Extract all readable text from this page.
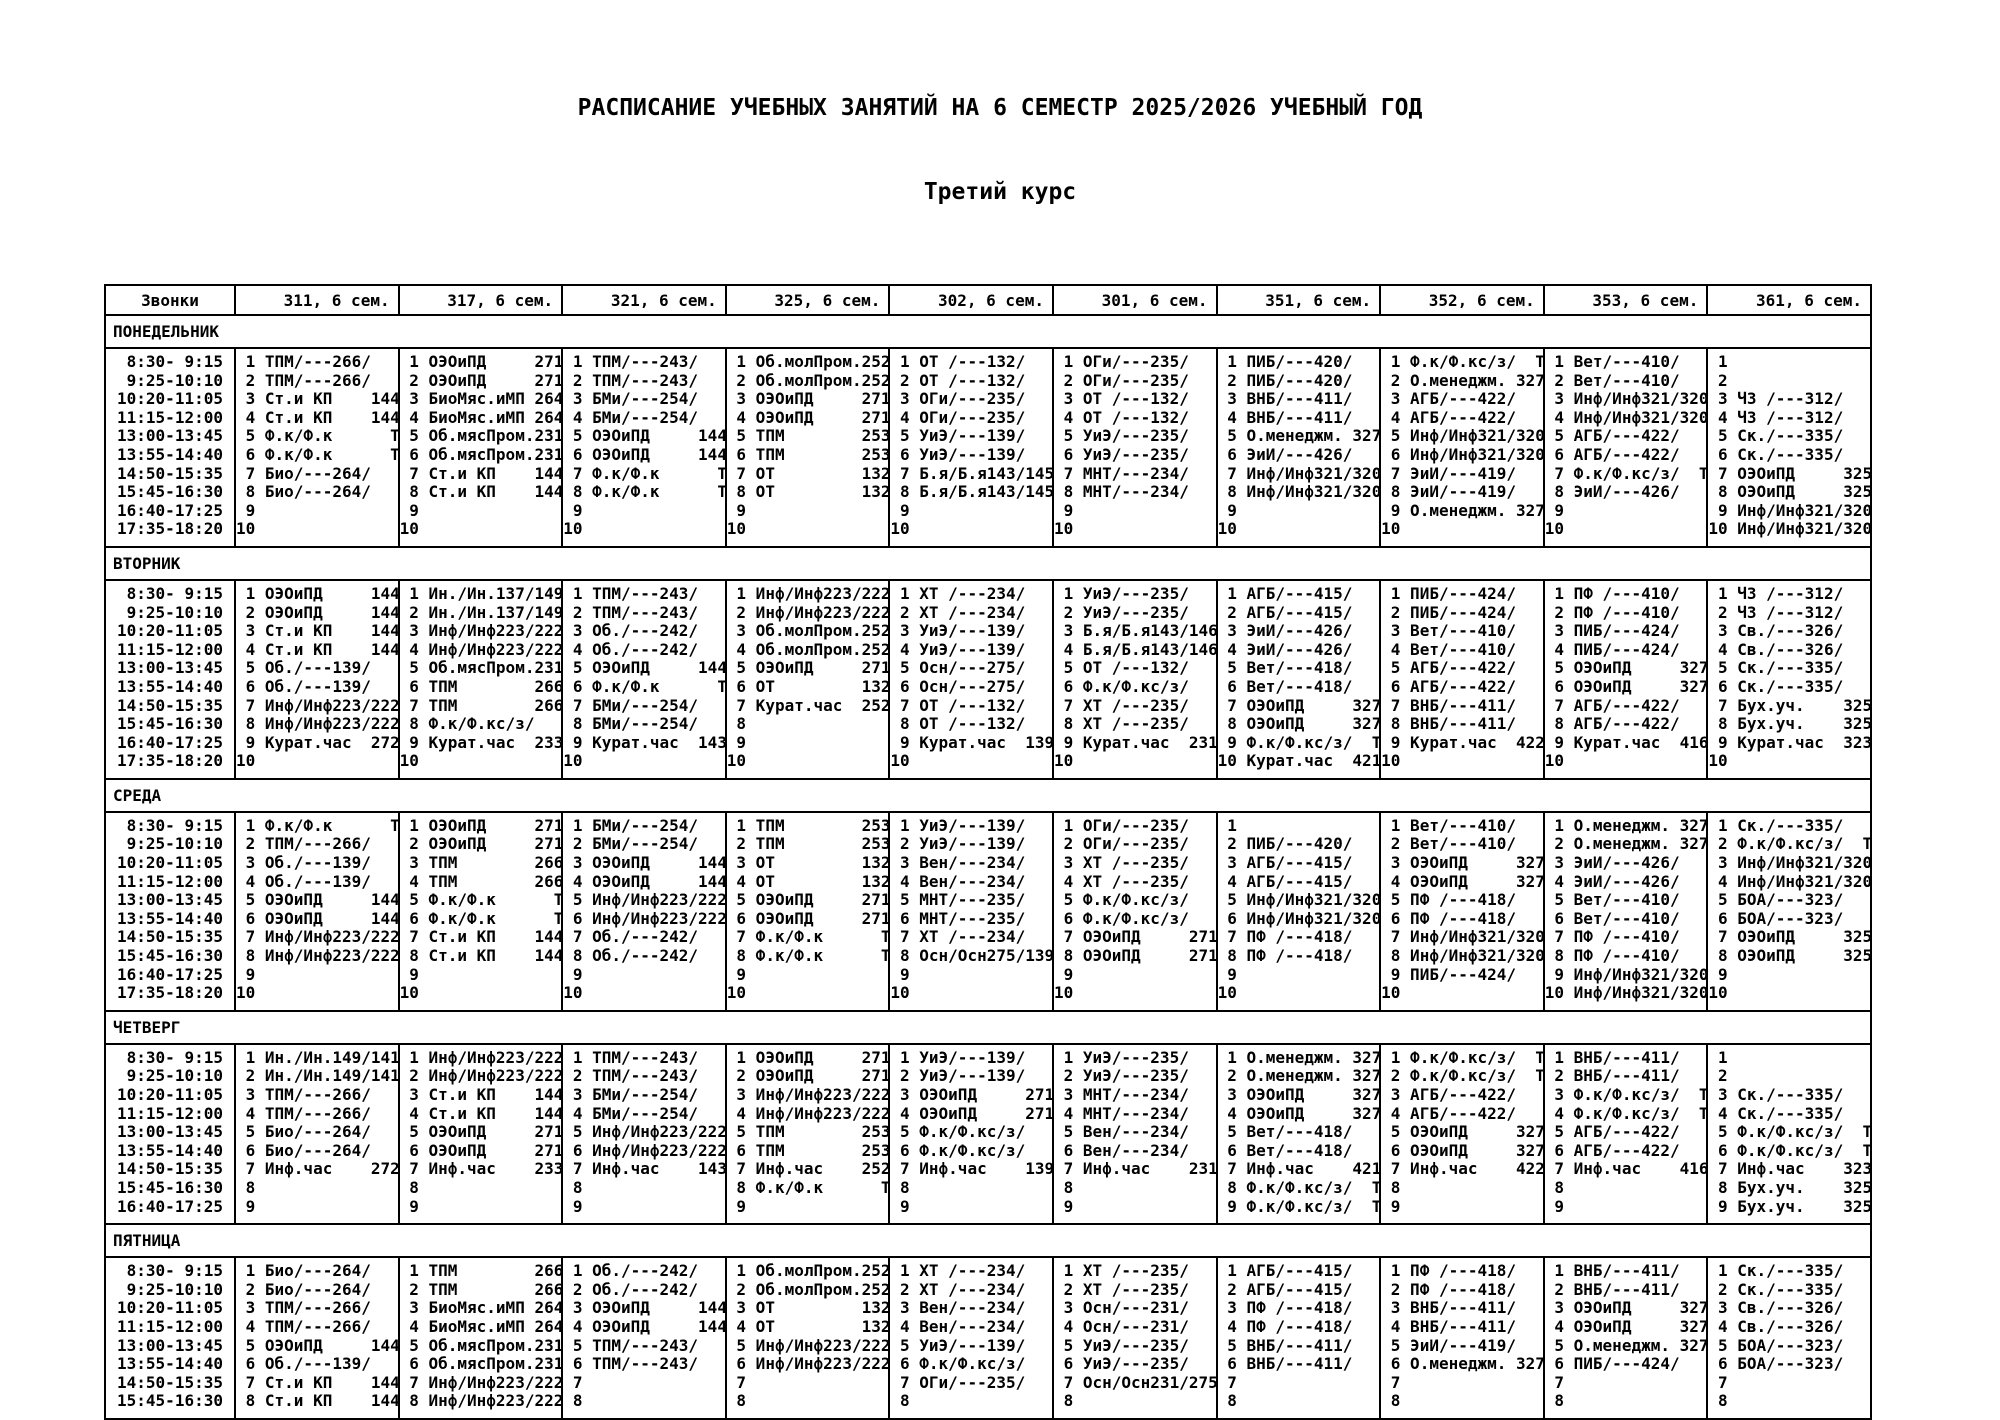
РАСПИСАНИЕ УЧЕБНЫХ ЗАНЯТИЙ НА 6 СЕМЕСТР 2025/2026 УЧЕБНЫЙ ГОД

Третий курс

Звонки	311, 6 сем.	317, 6 сем.	321, 6 сем.	325, 6 сем.	302, 6 сем.	301, 6 сем.	351, 6 сем.	352, 6 сем.	353, 6 сем.	361, 6 сем.
ПОНЕДЕЛЬНИК										
8:30- 9:15	1 ТПМ/---266/	1 ОЭОиПД     271	1 ТПМ/---243/	1 Об.молПром.252	1 ОТ /---132/	1 ОГи/---235/	1 ПИБ/---420/	1 Ф.к/Ф.кс/з/  Т	1 Вет/---410/	1
9:25-10:10	2 ТПМ/---266/	2 ОЭОиПД     271	2 ТПМ/---243/	2 Об.молПром.252	2 ОТ /---132/	2 ОГи/---235/	2 ПИБ/---420/	2 О.менеджм. 327	2 Вет/---410/	2
10:20-11:05	3 Ст.и КП    144	3 БиоМяс.иМП 264	3 БМи/---254/	3 ОЭОиПД     271	3 ОГи/---235/	3 ОТ /---132/	3 ВНБ/---411/	3 АГБ/---422/	3 Инф/Инф321/320	3 ЧЗ /---312/
11:15-12:00	4 Ст.и КП    144	4 БиоМяс.иМП 264	4 БМи/---254/	4 ОЭОиПД     271	4 ОГи/---235/	4 ОТ /---132/	4 ВНБ/---411/	4 АГБ/---422/	4 Инф/Инф321/320	4 ЧЗ /---312/
13:00-13:45	5 Ф.к/Ф.к      Т	5 Об.мясПром.231	5 ОЭОиПД     144	5 ТПМ        253	5 УиЭ/---139/	5 УиЭ/---235/	5 О.менеджм. 327	5 Инф/Инф321/320	5 АГБ/---422/	5 Ск./---335/
13:55-14:40	6 Ф.к/Ф.к      Т	6 Об.мясПром.231	6 ОЭОиПД     144	6 ТПМ        253	6 УиЭ/---139/	6 УиЭ/---235/	6 ЭиИ/---426/	6 Инф/Инф321/320	6 АГБ/---422/	6 Ск./---335/
14:50-15:35	7 Био/---264/	7 Ст.и КП    144	7 Ф.к/Ф.к      Т	7 ОТ         132	7 Б.я/Б.я143/145	7 МНТ/---234/	7 Инф/Инф321/320	7 ЭиИ/---419/	7 Ф.к/Ф.кс/з/  Т	7 ОЭОиПД     325
15:45-16:30	8 Био/---264/	8 Ст.и КП    144	8 Ф.к/Ф.к      Т	8 ОТ         132	8 Б.я/Б.я143/145	8 МНТ/---234/	8 Инф/Инф321/320	8 ЭиИ/---419/	8 ЭиИ/---426/	8 ОЭОиПД     325
16:40-17:25	9	9	9	9	9	9	9	9 О.менеджм. 327	9	9 Инф/Инф321/320
17:35-18:20	10	10	10	10	10	10	10	10	10	10 Инф/Инф321/320
ВТОРНИК										
8:30- 9:15	1 ОЭОиПД     144	1 Ин./Ин.137/149	1 ТПМ/---243/	1 Инф/Инф223/222	1 ХТ /---234/	1 УиЭ/---235/	1 АГБ/---415/	1 ПИБ/---424/	1 ПФ /---410/	1 ЧЗ /---312/
9:25-10:10	2 ОЭОиПД     144	2 Ин./Ин.137/149	2 ТПМ/---243/	2 Инф/Инф223/222	2 ХТ /---234/	2 УиЭ/---235/	2 АГБ/---415/	2 ПИБ/---424/	2 ПФ /---410/	2 ЧЗ /---312/
10:20-11:05	3 Ст.и КП    144	3 Инф/Инф223/222	3 Об./---242/	3 Об.молПром.252	3 УиЭ/---139/	3 Б.я/Б.я143/146	3 ЭиИ/---426/	3 Вет/---410/	3 ПИБ/---424/	3 Св./---326/
11:15-12:00	4 Ст.и КП    144	4 Инф/Инф223/222	4 Об./---242/	4 Об.молПром.252	4 УиЭ/---139/	4 Б.я/Б.я143/146	4 ЭиИ/---426/	4 Вет/---410/	4 ПИБ/---424/	4 Св./---326/
13:00-13:45	5 Об./---139/	5 Об.мясПром.231	5 ОЭОиПД     144	5 ОЭОиПД     271	5 Осн/---275/	5 ОТ /---132/	5 Вет/---418/	5 АГБ/---422/	5 ОЭОиПД     327	5 Ск./---335/
13:55-14:40	6 Об./---139/	6 ТПМ        266	6 Ф.к/Ф.к      Т	6 ОТ         132	6 Осн/---275/	6 Ф.к/Ф.кс/з/	6 Вет/---418/	6 АГБ/---422/	6 ОЭОиПД     327	6 Ск./---335/
14:50-15:35	7 Инф/Инф223/222	7 ТПМ        266	7 БМи/---254/	7 Курат.час  252	7 ОТ /---132/	7 ХТ /---235/	7 ОЭОиПД     327	7 ВНБ/---411/	7 АГБ/---422/	7 Бух.уч.    325
15:45-16:30	8 Инф/Инф223/222	8 Ф.к/Ф.кс/з/	8 БМи/---254/	8	8 ОТ /---132/	8 ХТ /---235/	8 ОЭОиПД     327	8 ВНБ/---411/	8 АГБ/---422/	8 Бух.уч.    325
16:40-17:25	9 Курат.час  272	9 Курат.час  233	9 Курат.час  143	9	9 Курат.час  139	9 Курат.час  231	9 Ф.к/Ф.кс/з/  Т	9 Курат.час  422	9 Курат.час  416	9 Курат.час  323
17:35-18:20	10	10	10	10	10	10	10 Курат.час  421	10	10	10
СРЕДА										
8:30- 9:15	1 Ф.к/Ф.к      Т	1 ОЭОиПД     271	1 БМи/---254/	1 ТПМ        253	1 УиЭ/---139/	1 ОГи/---235/	1	1 Вет/---410/	1 О.менеджм. 327	1 Ск./---335/
9:25-10:10	2 ТПМ/---266/	2 ОЭОиПД     271	2 БМи/---254/	2 ТПМ        253	2 УиЭ/---139/	2 ОГи/---235/	2 ПИБ/---420/	2 Вет/---410/	2 О.менеджм. 327	2 Ф.к/Ф.кс/з/  Т
10:20-11:05	3 Об./---139/	3 ТПМ        266	3 ОЭОиПД     144	3 ОТ         132	3 Вен/---234/	3 ХТ /---235/	3 АГБ/---415/	3 ОЭОиПД     327	3 ЭиИ/---426/	3 Инф/Инф321/320
11:15-12:00	4 Об./---139/	4 ТПМ        266	4 ОЭОиПД     144	4 ОТ         132	4 Вен/---234/	4 ХТ /---235/	4 АГБ/---415/	4 ОЭОиПД     327	4 ЭиИ/---426/	4 Инф/Инф321/320
13:00-13:45	5 ОЭОиПД     144	5 Ф.к/Ф.к      Т	5 Инф/Инф223/222	5 ОЭОиПД     271	5 МНТ/---235/	5 Ф.к/Ф.кс/з/	5 Инф/Инф321/320	5 ПФ /---418/	5 Вет/---410/	5 БОА/---323/
13:55-14:40	6 ОЭОиПД     144	6 Ф.к/Ф.к      Т	6 Инф/Инф223/222	6 ОЭОиПД     271	6 МНТ/---235/	6 Ф.к/Ф.кс/з/	6 Инф/Инф321/320	6 ПФ /---418/	6 Вет/---410/	6 БОА/---323/
14:50-15:35	7 Инф/Инф223/222	7 Ст.и КП    144	7 Об./---242/	7 Ф.к/Ф.к      Т	7 ХТ /---234/	7 ОЭОиПД     271	7 ПФ /---418/	7 Инф/Инф321/320	7 ПФ /---410/	7 ОЭОиПД     325
15:45-16:30	8 Инф/Инф223/222	8 Ст.и КП    144	8 Об./---242/	8 Ф.к/Ф.к      Т	8 Осн/Осн275/139	8 ОЭОиПД     271	8 ПФ /---418/	8 Инф/Инф321/320	8 ПФ /---410/	8 ОЭОиПД     325
16:40-17:25	9	9	9	9	9	9	9	9 ПИБ/---424/	9 Инф/Инф321/320	9
17:35-18:20	10	10	10	10	10	10	10	10	10 Инф/Инф321/320	10
ЧЕТВЕРГ										
8:30- 9:15	1 Ин./Ин.149/141	1 Инф/Инф223/222	1 ТПМ/---243/	1 ОЭОиПД     271	1 УиЭ/---139/	1 УиЭ/---235/	1 О.менеджм. 327	1 Ф.к/Ф.кс/з/  Т	1 ВНБ/---411/	1
9:25-10:10	2 Ин./Ин.149/141	2 Инф/Инф223/222	2 ТПМ/---243/	2 ОЭОиПД     271	2 УиЭ/---139/	2 УиЭ/---235/	2 О.менеджм. 327	2 Ф.к/Ф.кс/з/  Т	2 ВНБ/---411/	2
10:20-11:05	3 ТПМ/---266/	3 Ст.и КП    144	3 БМи/---254/	3 Инф/Инф223/222	3 ОЭОиПД     271	3 МНТ/---234/	3 ОЭОиПД     327	3 АГБ/---422/	3 Ф.к/Ф.кс/з/  Т	3 Ск./---335/
11:15-12:00	4 ТПМ/---266/	4 Ст.и КП    144	4 БМи/---254/	4 Инф/Инф223/222	4 ОЭОиПД     271	4 МНТ/---234/	4 ОЭОиПД     327	4 АГБ/---422/	4 Ф.к/Ф.кс/з/  Т	4 Ск./---335/
13:00-13:45	5 Био/---264/	5 ОЭОиПД     271	5 Инф/Инф223/222	5 ТПМ        253	5 Ф.к/Ф.кс/з/	5 Вен/---234/	5 Вет/---418/	5 ОЭОиПД     327	5 АГБ/---422/	5 Ф.к/Ф.кс/з/  Т
13:55-14:40	6 Био/---264/	6 ОЭОиПД     271	6 Инф/Инф223/222	6 ТПМ        253	6 Ф.к/Ф.кс/з/	6 Вен/---234/	6 Вет/---418/	6 ОЭОиПД     327	6 АГБ/---422/	6 Ф.к/Ф.кс/з/  Т
14:50-15:35	7 Инф.час    272	7 Инф.час    233	7 Инф.час    143	7 Инф.час    252	7 Инф.час    139	7 Инф.час    231	7 Инф.час    421	7 Инф.час    422	7 Инф.час    416	7 Инф.час    323
15:45-16:30	8	8	8	8 Ф.к/Ф.к      Т	8	8	8 Ф.к/Ф.кс/з/  Т	8	8	8 Бух.уч.    325
16:40-17:25	9	9	9	9	9	9	9 Ф.к/Ф.кс/з/  Т	9	9	9 Бух.уч.    325
ПЯТНИЦА										
8:30- 9:15	1 Био/---264/	1 ТПМ        266	1 Об./---242/	1 Об.молПром.252	1 ХТ /---234/	1 ХТ /---235/	1 АГБ/---415/	1 ПФ /---418/	1 ВНБ/---411/	1 Ск./---335/
9:25-10:10	2 Био/---264/	2 ТПМ        266	2 Об./---242/	2 Об.молПром.252	2 ХТ /---234/	2 ХТ /---235/	2 АГБ/---415/	2 ПФ /---418/	2 ВНБ/---411/	2 Ск./---335/
10:20-11:05	3 ТПМ/---266/	3 БиоМяс.иМП 264	3 ОЭОиПД     144	3 ОТ         132	3 Вен/---234/	3 Осн/---231/	3 ПФ /---418/	3 ВНБ/---411/	3 ОЭОиПД     327	3 Св./---326/
11:15-12:00	4 ТПМ/---266/	4 БиоМяс.иМП 264	4 ОЭОиПД     144	4 ОТ         132	4 Вен/---234/	4 Осн/---231/	4 ПФ /---418/	4 ВНБ/---411/	4 ОЭОиПД     327	4 Св./---326/
13:00-13:45	5 ОЭОиПД     144	5 Об.мясПром.231	5 ТПМ/---243/	5 Инф/Инф223/222	5 УиЭ/---139/	5 УиЭ/---235/	5 ВНБ/---411/	5 ЭиИ/---419/	5 О.менеджм. 327	5 БОА/---323/
13:55-14:40	6 Об./---139/	6 Об.мясПром.231	6 ТПМ/---243/	6 Инф/Инф223/222	6 Ф.к/Ф.кс/з/	6 УиЭ/---235/	6 ВНБ/---411/	6 О.менеджм. 327	6 ПИБ/---424/	6 БОА/---323/
14:50-15:35	7 Ст.и КП    144	7 Инф/Инф223/222	7	7	7 ОГи/---235/	7 Осн/Осн231/275	7	7	7	7
15:45-16:30	8 Ст.и КП    144	8 Инф/Инф223/222	8	8	8	8	8	8	8	8
